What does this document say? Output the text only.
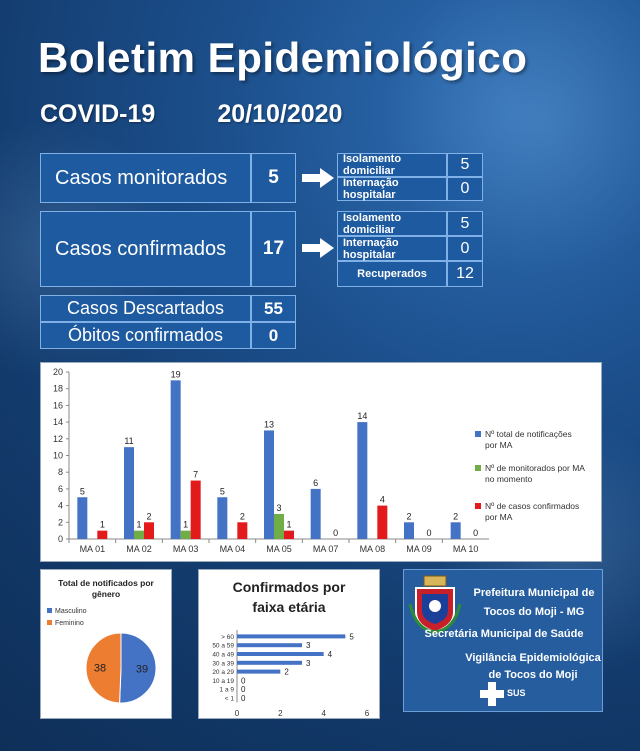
Boletim Epidemiológico
COVID-19 20/10/2020
Casos monitorados	5
Isolamento domiciliar	5
Internação hospitalar	0
Casos confirmados	17
Isolamento domiciliar	5
Internação hospitalar	0
Recuperados	12
Casos Descartados	55
Óbitos confirmados	0
0
2
4
6
8
10
12
14
16
18
20
MA 01
5
1
MA 02
11
1
2
MA 03
19
1
7
MA 04
5
2
MA 05
13
3
1
MA 07
6
0
MA 08
14
4
MA 09
2
0
MA 10
2
0
Nº total de notificações por MA
Nº de monitorados por MA no momento
Nº de casos confirmados por MA
Total de notificados por gênero
Masculino
Feminino
39
38
Confirmados por faixa etária
> 60	5
50 a 59	3
40 a 49	4
30 a 39	3
20 a 29	2
10 a 19 0
1 a 9 0
< 1 0
0	2	4	6
Prefeitura Municipal de Tocos do Moji - MG
Secretária Municipal de Saúde
Vigilância Epidemiológica de Tocos do Moji
SUS
